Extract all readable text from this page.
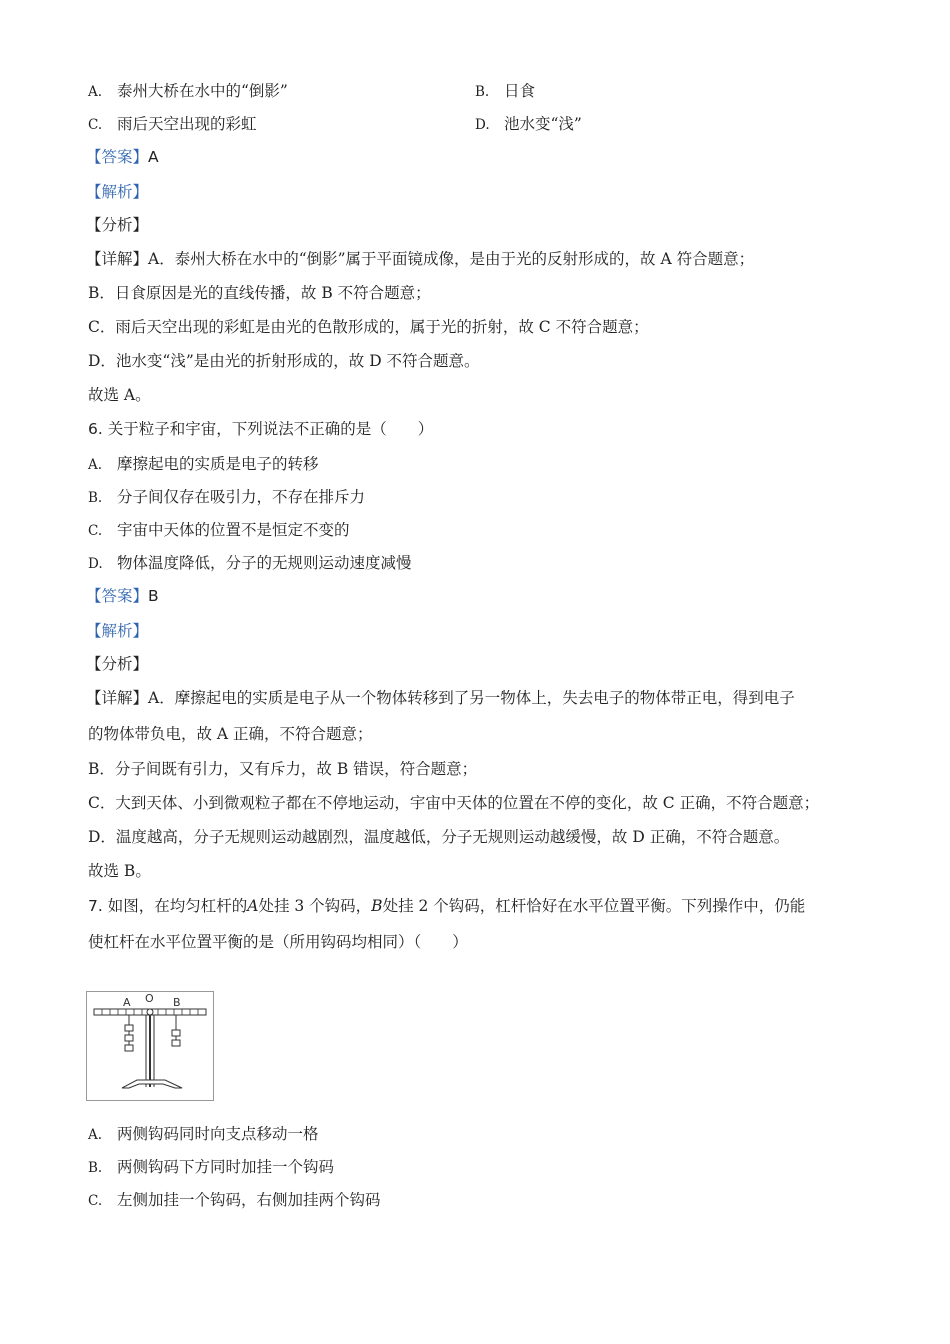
A. 泰州大桥在水中的“倒影”	B. 日食
C. 雨后天空出现的彩虹	D. 池水变“浅”
【答案】A
【解析】
【分析】
【详解】A．泰州大桥在水中的“倒影”属于平面镜成像，是由于光的反射形成的，故 A 符合题意；
B．日食原因是光的直线传播，故 B 不符合题意；
C．雨后天空出现的彩虹是由光的色散形成的，属于光的折射，故 C 不符合题意；
D．池水变“浅”是由光的折射形成的，故 D 不符合题意。
故选 A。
6. 关于粒子和宇宙，下列说法不正确的是（　　）
A. 摩擦起电的实质是电子的转移
B. 分子间仅存在吸引力，不存在排斥力
C. 宇宙中天体的位置不是恒定不变的
D. 物体温度降低，分子的无规则运动速度减慢
【答案】B
【解析】
【分析】
【详解】A．摩擦起电的实质是电子从一个物体转移到了另一物体上，失去电子的物体带正电，得到电子
的物体带负电，故 A 正确，不符合题意；
B．分子间既有引力，又有斥力，故 B 错误，符合题意；
C．大到天体、小到微观粒子都在不停地运动，宇宙中天体的位置在不停的变化，故 C 正确，不符合题意；
D．温度越高，分子无规则运动越剧烈，温度越低，分子无规则运动越缓慢，故 D 正确，不符合题意。
故选 B。
7. 如图，在均匀杠杆的A处挂 3 个钩码，B处挂 2 个钩码，杠杆恰好在水平位置平衡。下列操作中，仍能
使杠杆在水平位置平衡的是（所用钩码均相同）（　　）
A O B
A. 两侧钩码同时向支点移动一格
B. 两侧钩码下方同时加挂一个钩码
C. 左侧加挂一个钩码，右侧加挂两个钩码
